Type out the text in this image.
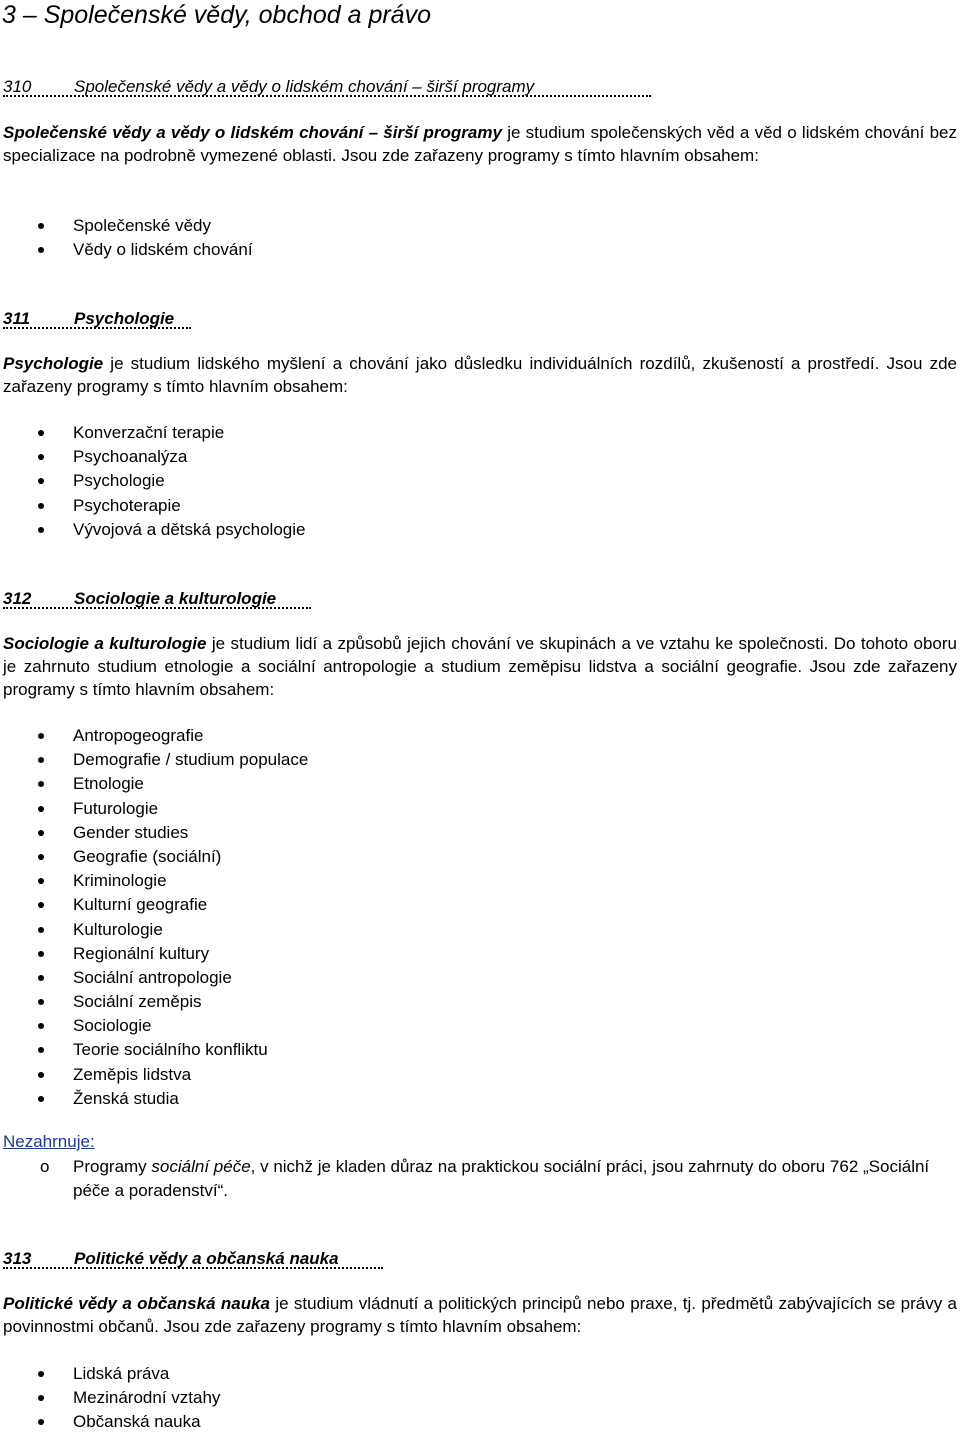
3 – Společenské vědy, obchod a právo
310	Společenské vědy a vědy o lidském chování – širší programy
Společenské vědy a vědy o lidském chování – širší programy je studium společenských věd a věd o lidském chování bez specializace na podrobně vymezené oblasti. Jsou zde zařazeny programy s tímto hlavním obsahem:
Společenské vědy
Vědy o lidském chování
311	Psychologie
Psychologie je studium lidského myšlení a chování jako důsledku individuálních rozdílů, zkušeností a prostředí. Jsou zde zařazeny programy s tímto hlavním obsahem:
Konverzační terapie
Psychoanalýza
Psychologie
Psychoterapie
Vývojová a dětská psychologie
312	Sociologie a kulturologie
Sociologie a kulturologie je studium lidí a způsobů jejich chování ve skupinách a ve vztahu ke společnosti. Do tohoto oboru je zahrnuto studium etnologie a sociální antropologie a studium zeměpisu lidstva a sociální geografie. Jsou zde zařazeny programy s tímto hlavním obsahem:
Antropogeografie
Demografie / studium populace
Etnologie
Futurologie
Gender studies
Geografie (sociální)
Kriminologie
Kulturní geografie
Kulturologie
Regionální kultury
Sociální antropologie
Sociální zeměpis
Sociologie
Teorie sociálního konfliktu
Zeměpis lidstva
Ženská studia
Nezahrnuje:
o Programy sociální péče, v nichž je kladen důraz na praktickou sociální práci, jsou zahrnuty do oboru 762 „Sociální péče a poradenství“.
313	Politické vědy a občanská nauka
Politické vědy a občanská nauka je studium vládnutí a politických principů nebo praxe, tj. předmětů zabývajících se právy a povinnostmi občanů. Jsou zde zařazeny programy s tímto hlavním obsahem:
Lidská práva
Mezinárodní vztahy
Občanská nauka
